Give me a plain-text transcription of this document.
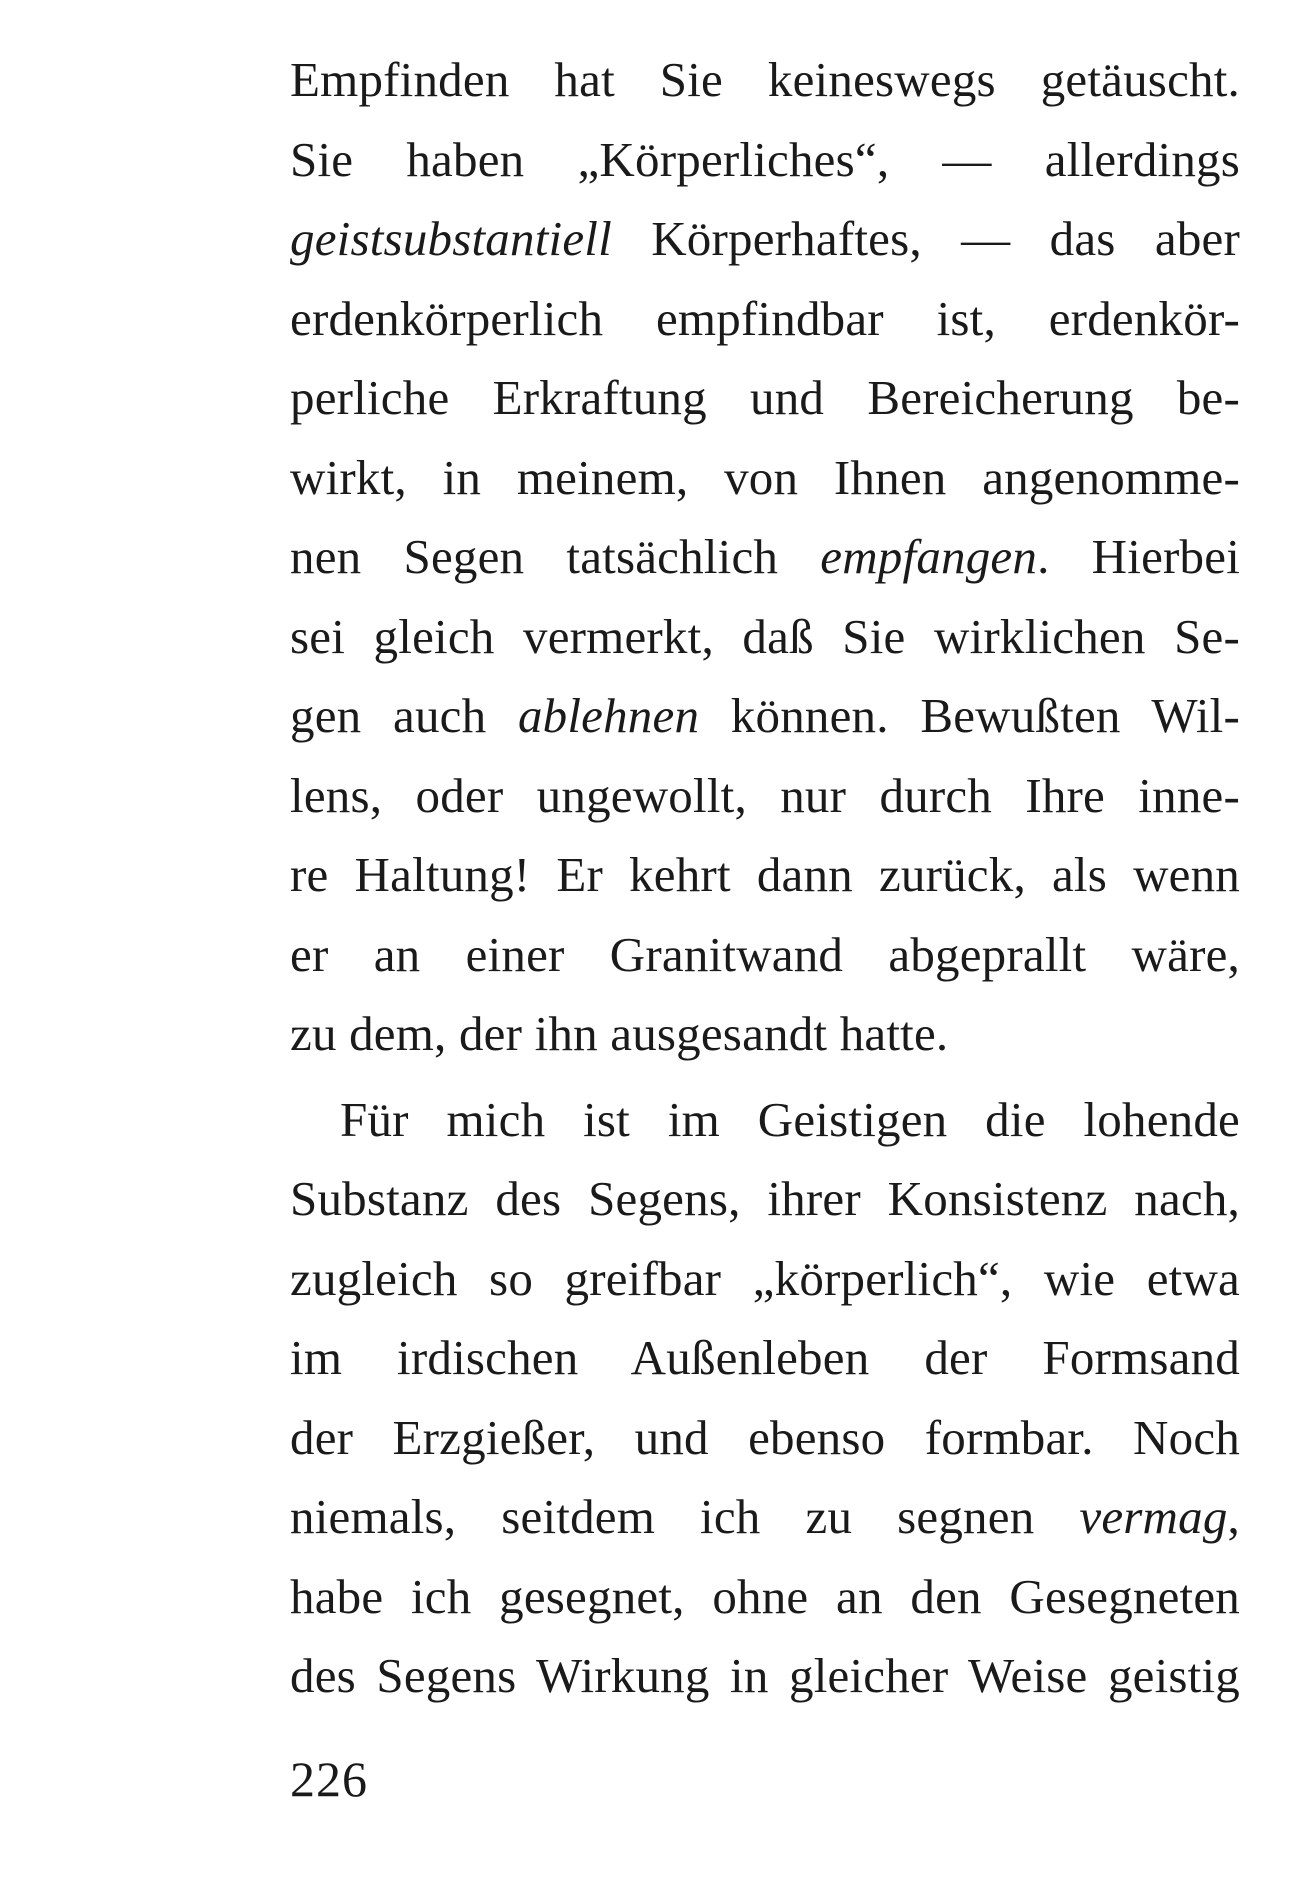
Empfinden hat Sie keineswegs getäuscht.
Sie haben „Körperliches“, — allerdings
geistsubstantiell Körperhaftes, — das aber
erdenkörperlich empfindbar ist, erdenkör-
perliche Erkraftung und Bereicherung be-
wirkt, in meinem, von Ihnen angenomme-
nen Segen tatsächlich empfangen. Hierbei
sei gleich vermerkt, daß Sie wirklichen Se-
gen auch ablehnen können. Bewußten Wil-
lens, oder ungewollt, nur durch Ihre inne-
re Haltung! Er kehrt dann zurück, als wenn
er an einer Granitwand abgeprallt wäre,
zu dem, der ihn ausgesandt hatte.
Für mich ist im Geistigen die lohende
Substanz des Segens, ihrer Konsistenz nach,
zugleich so greifbar „körperlich“, wie etwa
im irdischen Außenleben der Formsand
der Erzgießer, und ebenso formbar. Noch
niemals, seitdem ich zu segnen vermag,
habe ich gesegnet, ohne an den Gesegneten
des Segens Wirkung in gleicher Weise geistig
226
